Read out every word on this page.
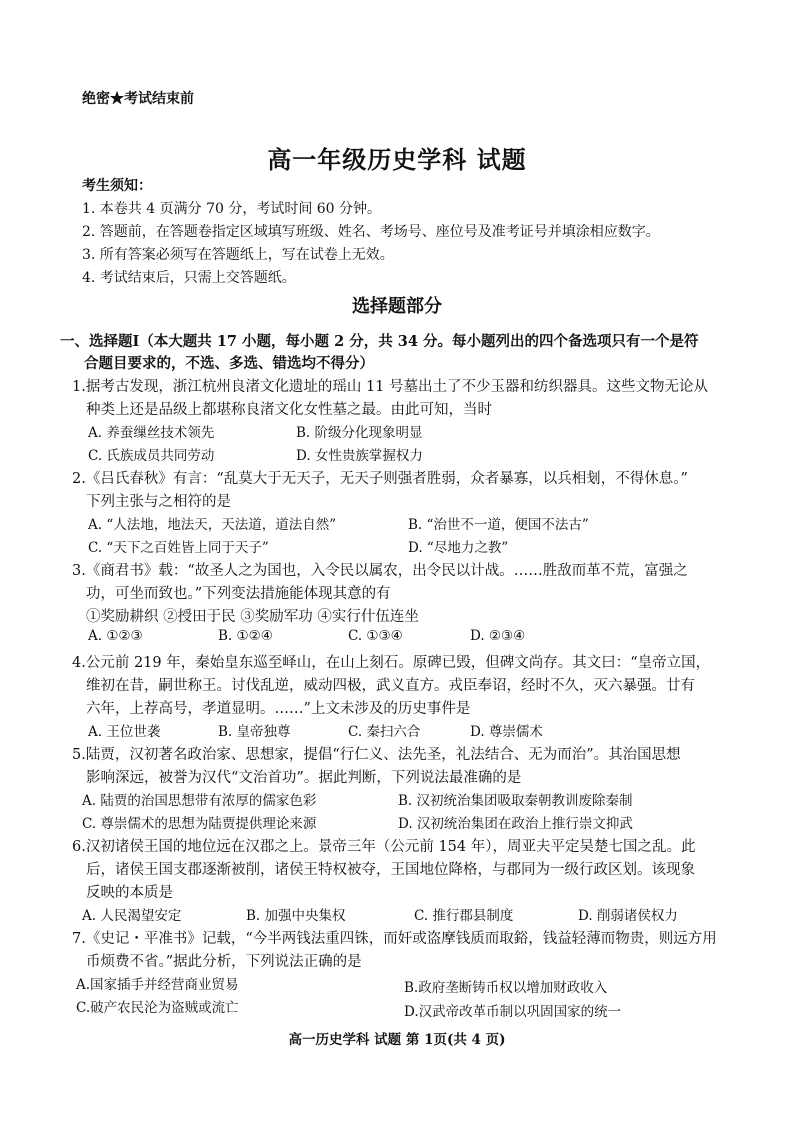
绝密★考试结束前
高一年级历史学科 试题
考生须知：
1. 本卷共 4 页满分 70 分，考试时间 60 分钟。
2. 答题前，在答题卷指定区域填写班级、姓名、考场号、座位号及准考证号并填涂相应数字。
3. 所有答案必须写在答题纸上，写在试卷上无效。
4. 考试结束后，只需上交答题纸。
选择题部分
一、选择题Ⅰ（本大题共 17 小题，每小题 2 分，共 34 分。每小题列出的四个备选项只有一个是符
合题目要求的，不选、多选、错选均不得分）
1.据考古发现，浙江杭州良渚文化遗址的瑶山 11 号墓出土了不少玉器和纺织器具。这些文物无论从
种类上还是品级上都堪称良渚文化女性墓之最。由此可知，当时
A. 养蚕缫丝技术领先	B. 阶级分化现象明显
C. 氏族成员共同劳动	D. 女性贵族掌握权力
2.《吕氏春秋》有言：“乱莫大于无天子，无天子则强者胜弱，众者暴寡，以兵相刬，不得休息。”
下列主张与之相符的是
A. “人法地，地法天，天法道，道法自然”	B. “治世不一道，便国不法古”
C. “天下之百姓皆上同于天子”	D. “尽地力之教”
3.《商君书》载：“故圣人之为国也，入令民以属农，出令民以计战。……胜敌而革不荒，富强之
功，可坐而致也。”下列变法措施能体现其意的有
①奖励耕织 ②授田于民 ③奖励军功 ④实行什伍连坐
A. ①②③	B. ①②④	C. ①③④	D. ②③④
4.公元前 219 年，秦始皇东巡至峄山，在山上刻石。原碑已毁，但碑文尚存。其文曰：“皇帝立国，
维初在昔，嗣世称王。讨伐乱逆，威动四极，武义直方。戎臣奉诏，经时不久，灭六暴强。廿有
六年，上荐高号，孝道显明。……”上文未涉及的历史事件是
A. 王位世袭	B. 皇帝独尊	C. 秦扫六合	D. 尊崇儒术
5.陆贾，汉初著名政治家、思想家，提倡“行仁义、法先圣，礼法结合、无为而治”。其治国思想
影响深远，被誉为汉代“文治首功”。据此判断，下列说法最准确的是
A. 陆贾的治国思想带有浓厚的儒家色彩	B. 汉初统治集团吸取秦朝教训废除秦制
C. 尊崇儒术的思想为陆贾提供理论来源	D. 汉初统治集团在政治上推行崇文抑武
6.汉初诸侯王国的地位远在汉郡之上。景帝三年（公元前 154 年），周亚夫平定吴楚七国之乱。此
后，诸侯王国支郡逐渐被削，诸侯王特权被夺，王国地位降格，与郡同为一级行政区划。该现象
反映的本质是
A. 人民渴望安定	B. 加强中央集权	C. 推行郡县制度	D. 削弱诸侯权力
7.《史记・平准书》记载，“今半两钱法重四铢，而奸或盗摩钱质而取鋊，钱益轻薄而物贵，则远方用
币烦费不省。”据此分析，下列说法正确的是
A.国家插手并经营商业贸易	B.政府垄断铸币权以增加财政收入
C.破产农民沦为盗贼或流亡	D.汉武帝改革币制以巩固国家的统一
高一历史学科 试题 第 1页(共 4 页)
